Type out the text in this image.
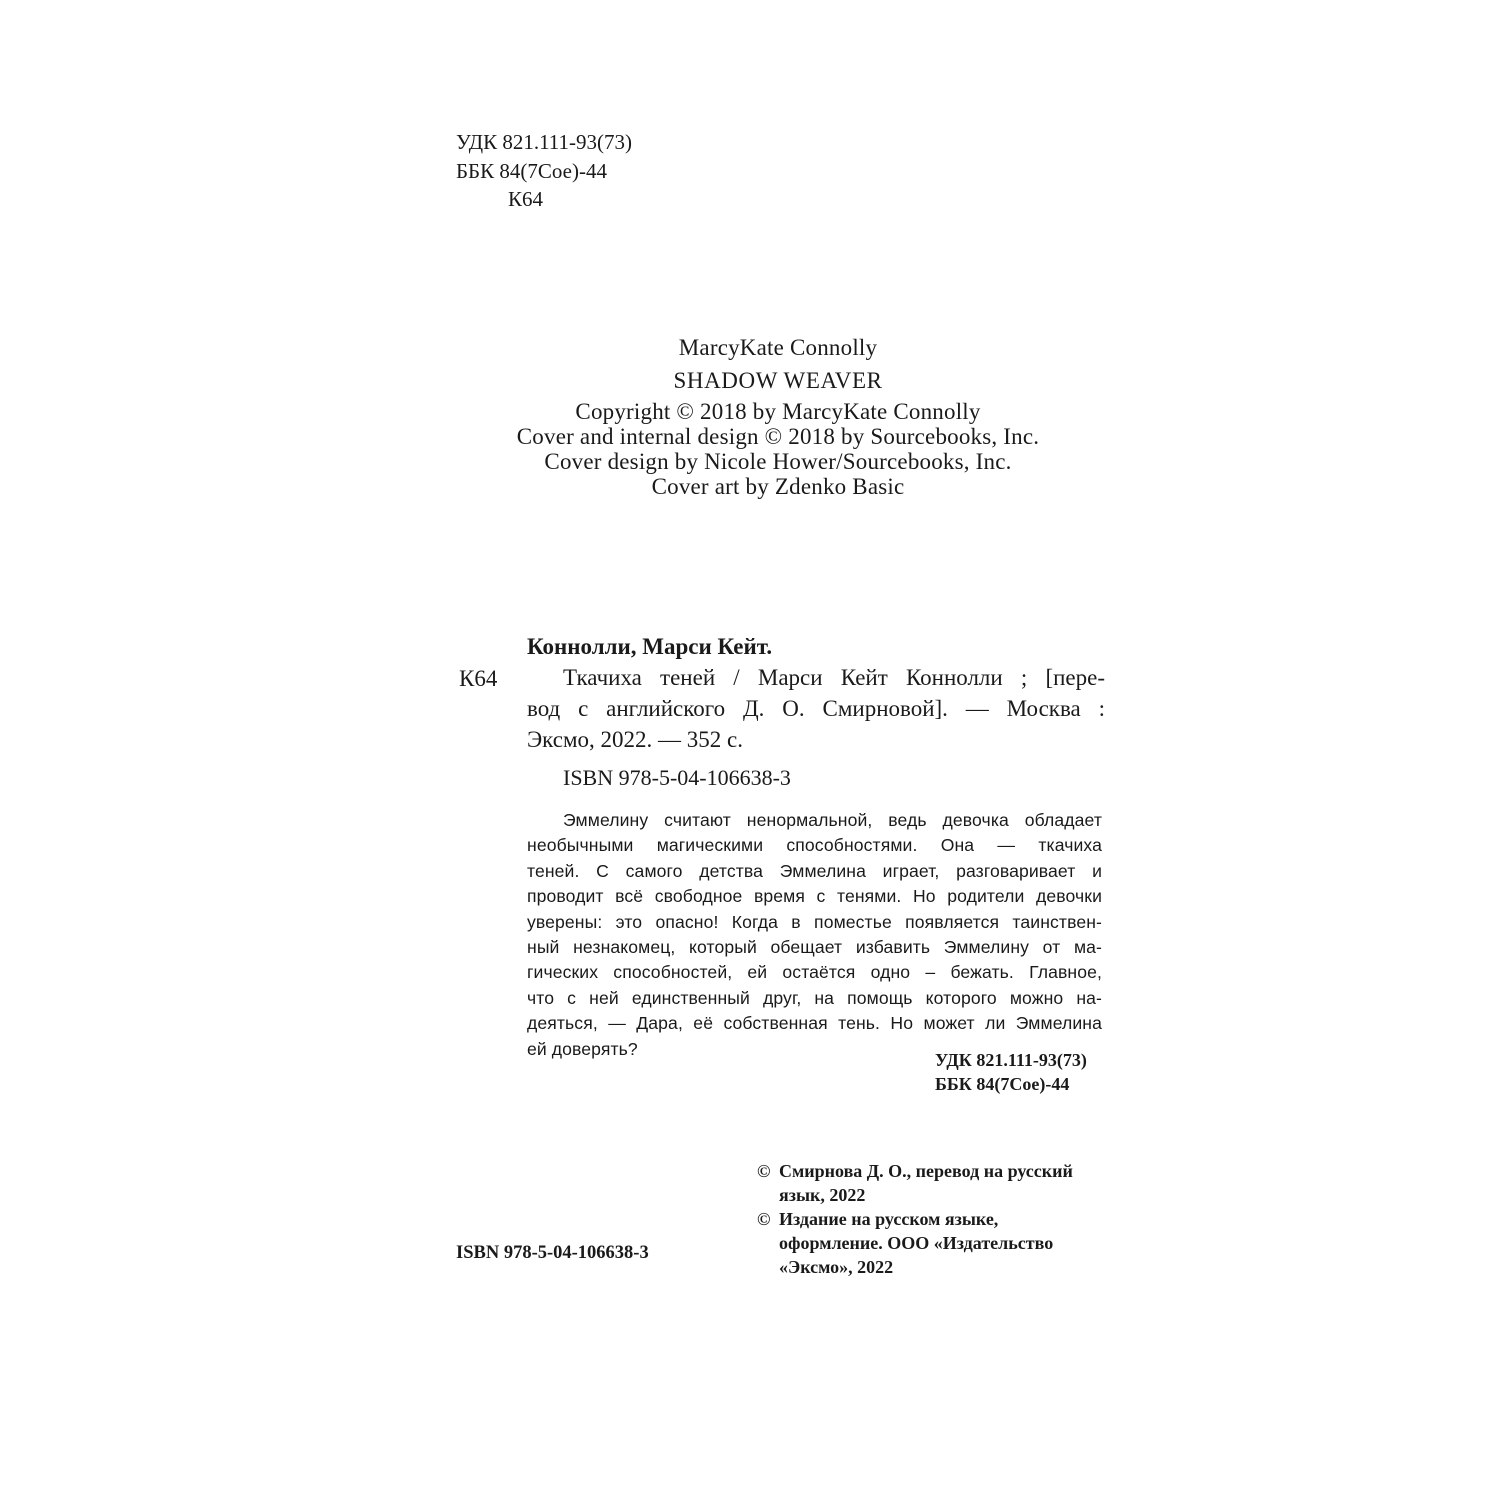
УДК 821.111-93(73)
ББК 84(7Сое)-44
К64
MarcyKate Connolly
SHADOW WEAVER
Copyright © 2018 by MarcyKate Connolly
Cover and internal design © 2018 by Sourcebooks, Inc.
Cover design by Nicole Hower/Sourcebooks, Inc.
Cover art by Zdenko Basic
Коннолли, Марси Кейт.
К64	Ткачиха теней / Марси Кейт Коннолли ; [пере-
вод с английского Д. О. Смирновой]. — Москва :
Эксмо, 2022. — 352 с.
ISBN 978-5-04-106638-3
Эммелину считают ненормальной, ведь девочка обладает
необычными магическими способностями. Она — ткачиха
теней. С самого детства Эммелина играет, разговаривает и
проводит всё свободное время с тенями. Но родители девочки
уверены: это опасно! Когда в поместье появляется таинствен-
ный незнакомец, который обещает избавить Эммелину от ма-
гических способностей, ей остаётся одно – бежать. Главное,
что с ней единственный друг, на помощь которого можно на-
деяться, — Дара, её собственная тень. Но может ли Эммелина
ей доверять?
УДК 821.111-93(73)
ББК 84(7Сое)-44
ISBN 978-5-04-106638-3
© Смирнова Д. О., перевод на русский
язык, 2022
© Издание на русском языке,
оформление. ООО «Издательство
«Эксмо», 2022
